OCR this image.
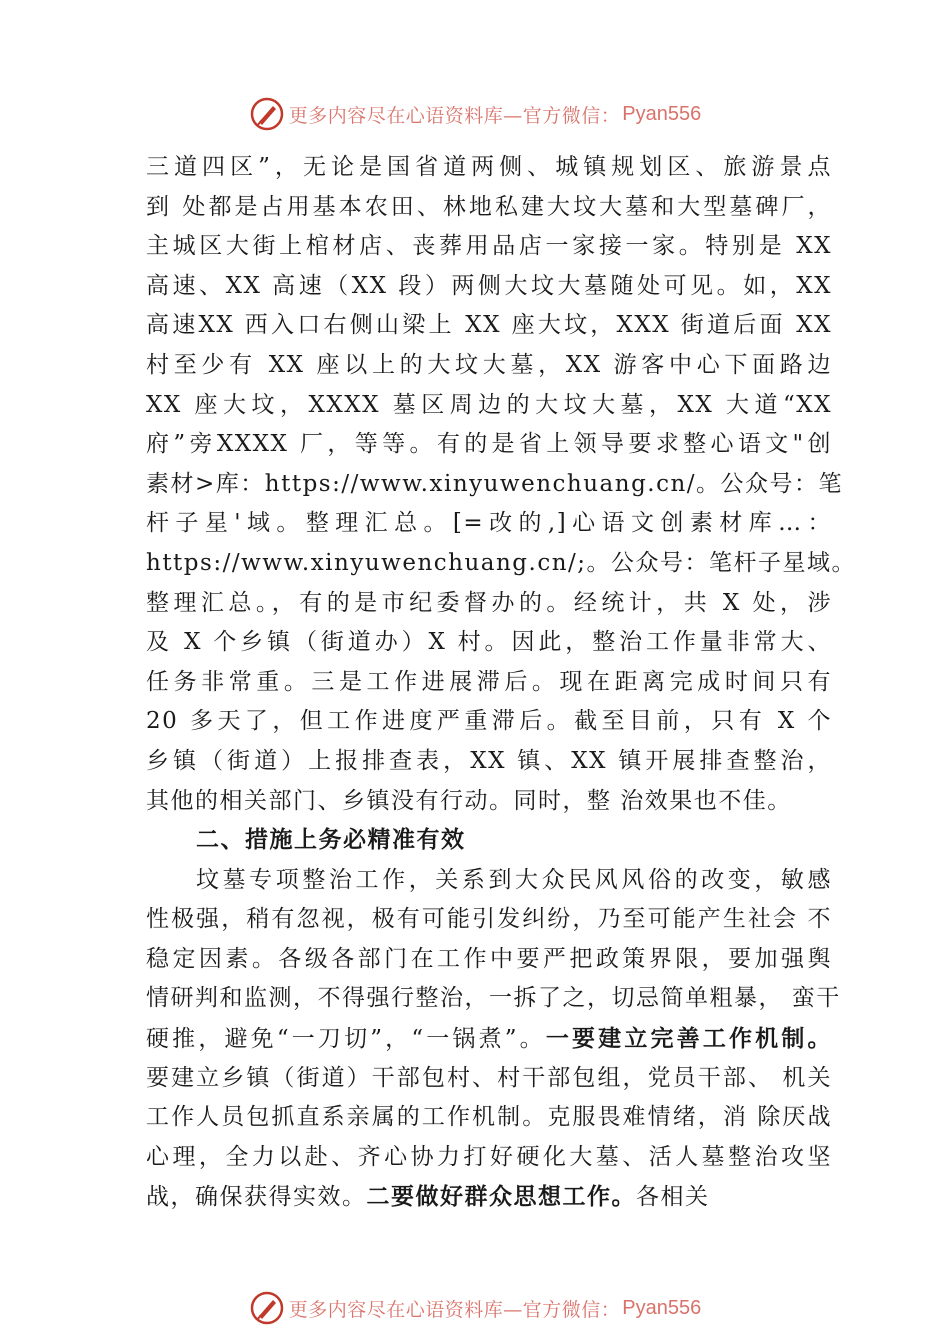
更多内容尽在心语资料库—官方微信： Pyan556
三道四区”，无论是国省道两侧、城镇规划区、旅游景点
到 处都是占用基本农田、林地私建大坟大墓和大型墓碑厂，
主城区大街上棺材店、丧葬用品店一家接一家。特别是 XX
高速、XX 高速（XX 段）两侧大坟大墓随处可见。如，XX
高速XX 西入口右侧山梁上 XX 座大坟，XXX 街道后面 XX
村至少有 XX 座以上的大坟大墓，XX 游客中心下面路边
XX 座大坟，XXXX 墓区周边的大坟大墓，XX 大道“XX
府”旁XXXX 厂，等等。有的是省上领导要求整心语文"创
素材>库：https://www.xinyuwenchuang.cn/。公众号：笔
杆子星'域。整理汇总。[=改的,]心语文创素材库…：
https://www.xinyuwenchuang.cn/;。公众号：笔杆子星域。
整理汇总。，有的是市纪委督办的。经统计，共 X 处，涉
及 X 个乡镇（街道办）X 村。因此，整治工作量非常大、
任务非常重。三是工作进展滞后。现在距离完成时间只有
20 多天了，但工作进度严重滞后。截至目前，只有 X 个
乡镇（街道）上报排查表，XX 镇、XX 镇开展排查整治，
其他的相关部门、乡镇没有行动。同时，整 治效果也不佳。
二、措施上务必精准有效
坟墓专项整治工作，关系到大众民风风俗的改变，敏感
性极强，稍有忽视，极有可能引发纠纷，乃至可能产生社会 不
稳定因素。各级各部门在工作中要严把政策界限，要加强舆
情研判和监测，不得强行整治，一拆了之，切忌简单粗暴， 蛮干
硬推，避免“一刀切”，“一锅煮”。一要建立完善工作机制。
要建立乡镇（街道）干部包村、村干部包组，党员干部、 机关
工作人员包抓直系亲属的工作机制。克服畏难情绪，消 除厌战
心理，全力以赴、齐心协力打好硬化大墓、活人墓整治攻坚
战，确保获得实效。二要做好群众思想工作。各相关
更多内容尽在心语资料库—官方微信： Pyan556
